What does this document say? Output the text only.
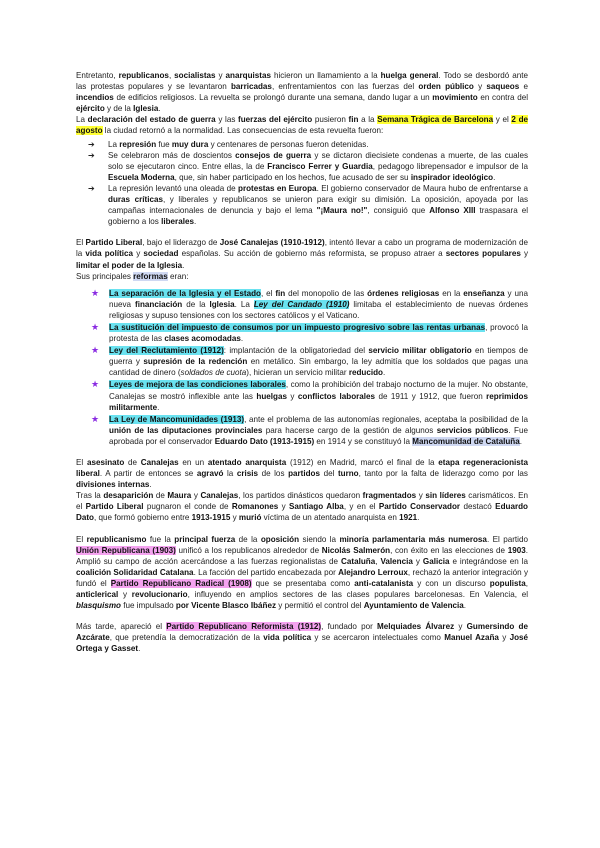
Entretanto, republicanos, socialistas y anarquistas hicieron un llamamiento a la huelga general. Todo se desbordó ante las protestas populares y se levantaron barricadas, enfrentamientos con las fuerzas del orden público y saqueos e incendios de edificios religiosos. La revuelta se prolongó durante una semana, dando lugar a un movimiento en contra del ejército y de la Iglesia.

La declaración del estado de guerra y las fuerzas del ejército pusieron fin a la Semana Trágica de Barcelona y el 2 de agosto la ciudad retornó a la normalidad. Las consecuencias de esta revuelta fueron:

➔ La represión fue muy dura y centenares de personas fueron detenidas.
➔ Se celebraron más de doscientos consejos de guerra y se dictaron diecisiete condenas a muerte, de las cuales solo se ejecutaron cinco. Entre ellas, la de Francisco Ferrer y Guardia, pedagogo librepensador e impulsor de la Escuela Moderna, que, sin haber participado en los hechos, fue acusado de ser su inspirador ideológico.
➔ La represión levantó una oleada de protestas en Europa. El gobierno conservador de Maura hubo de enfrentarse a duras críticas, y liberales y republicanos se unieron para exigir su dimisión. La oposición, apoyada por las campañas internacionales de denuncia y bajo el lema "¡Maura no!", consiguió que Alfonso XIII traspasara el gobierno a los liberales.

El Partido Liberal, bajo el liderazgo de José Canalejas (1910-1912), intentó llevar a cabo un programa de modernización de la vida política y sociedad españolas. Su acción de gobierno más reformista, se propuso atraer a sectores populares y limitar el poder de la Iglesia.

Sus principales reformas eran:

★ La separación de la Iglesia y el Estado, el fin del monopolio de las órdenes religiosas en la enseñanza y una nueva financiación de la Iglesia. La Ley del Candado (1910) limitaba el establecimiento de nuevas órdenes religiosas y supuso tensiones con los sectores católicos y el Vaticano.
★ La sustitución del impuesto de consumos por un impuesto progresivo sobre las rentas urbanas, provocó la protesta de las clases acomodadas.
★ Ley del Reclutamiento (1912): implantación de la obligatoriedad del servicio militar obligatorio en tiempos de guerra y supresión de la redención en metálico. Sin embargo, la ley admitía que los soldados que pagas una cantidad de dinero (soldados de cuota), hicieran un servicio militar reducido.
★ Leyes de mejora de las condiciones laborales, como la prohibición del trabajo nocturno de la mujer. No obstante, Canalejas se mostró inflexible ante las huelgas y conflictos laborales de 1911 y 1912, que fueron reprimidos militarmente.
★ La Ley de Mancomunidades (1913), ante el problema de las autonomías regionales, aceptaba la posibilidad de la unión de las diputaciones provinciales para hacerse cargo de la gestión de algunos servicios públicos. Fue aprobada por el conservador Eduardo Dato (1913-1915) en 1914 y se constituyó la Mancomunidad de Cataluña.

El asesinato de Canalejas en un atentado anarquista (1912) en Madrid, marcó el final de la etapa regeneracionista liberal. A partir de entonces se agravó la crisis de los partidos del turno, tanto por la falta de liderazgo como por las divisiones internas.

Tras la desaparición de Maura y Canalejas, los partidos dinásticos quedaron fragmentados y sin líderes carismáticos. En el Partido Liberal pugnaron el conde de Romanones y Santiago Alba, y en el Partido Conservador destacó Eduardo Dato, que formó gobierno entre 1913-1915 y murió víctima de un atentado anarquista en 1921.

El republicanismo fue la principal fuerza de la oposición siendo la minoría parlamentaria más numerosa. El partido Unión Republicana (1903) unificó a los republicanos alrededor de Nicolás Salmerón, con éxito en las elecciones de 1903. Amplió su campo de acción acercándose a las fuerzas regionalistas de Cataluña, Valencia y Galicia e integrándose en la coalición Solidaridad Catalana. La facción del partido encabezada por Alejandro Lerroux, rechazó la anterior integración y fundó el Partido Republicano Radical (1908) que se presentaba como anti-catalanista y con un discurso populista, anticlerical y revolucionario, influyendo en amplios sectores de las clases populares barcelonesas. En Valencia, el blasquismo fue impulsado por Vicente Blasco Ibáñez y permitió el control del Ayuntamiento de Valencia.

Más tarde, apareció el Partido Republicano Reformista (1912), fundado por Melquiades Álvarez y Gumersindo de Azcárate, que pretendía la democratización de la vida política y se acercaron intelectuales como Manuel Azaña y José Ortega y Gasset.
